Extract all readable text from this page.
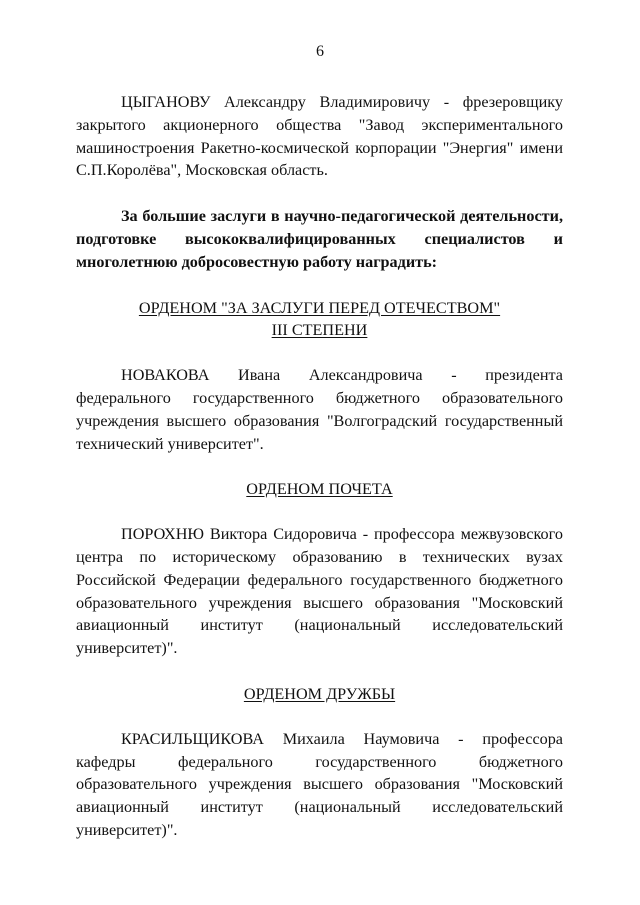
6

ЦЫГАНОВУ Александру Владимировичу - фрезеровщику закрытого акционерного общества "Завод экспериментального машиностроения Ракетно-космической корпорации "Энергия" имени С.П.Королёва", Московская область.

За большие заслуги в научно-педагогической деятельности, подготовке высококвалифицированных специалистов и многолетнюю добросовестную работу наградить:

ОРДЕНОМ "ЗА ЗАСЛУГИ ПЕРЕД ОТЕЧЕСТВОМ"
III СТЕПЕНИ

НОВАКОВА Ивана Александровича - президента федерального государственного бюджетного образовательного учреждения высшего образования "Волгоградский государственный технический университет".

ОРДЕНОМ ПОЧЕТА

ПОРОХНЮ Виктора Сидоровича - профессора межвузовского центра по историческому образованию в технических вузах Российской Федерации федерального государственного бюджетного образовательного учреждения высшего образования "Московский авиационный институт (национальный исследовательский университет)".

ОРДЕНОМ ДРУЖБЫ

КРАСИЛЬЩИКОВА Михаила Наумовича - профессора кафедры федерального государственного бюджетного образовательного учреждения высшего образования "Московский авиационный институт (национальный исследовательский университет)".
